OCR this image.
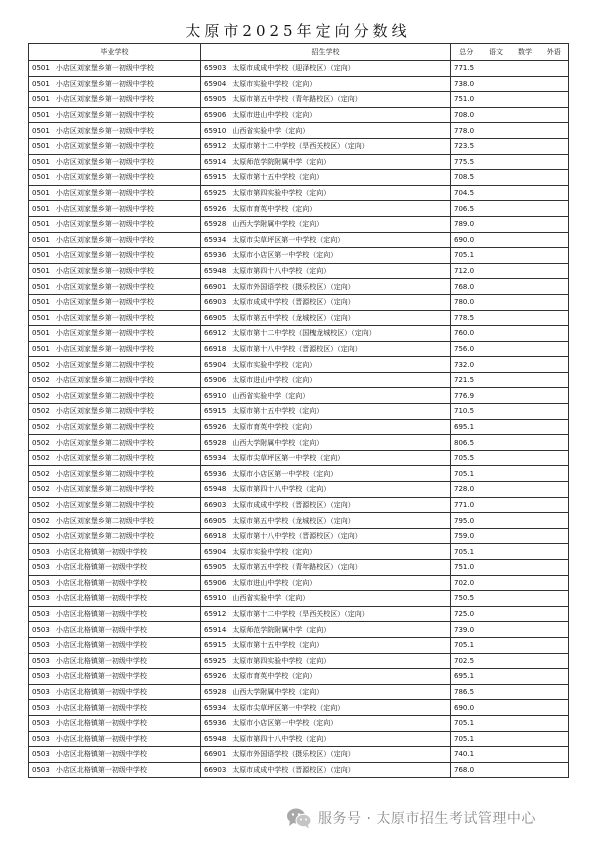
太原市2025年定向分数线
毕业学校	招生学校	总分	语文	数学	外语
0501 小店区刘家堡乡第一初级中学校	65903 太原市成成中学校（迎泽校区）（定向）	771.5			
0501 小店区刘家堡乡第一初级中学校	65904 太原市实验中学校（定向）	738.0			
0501 小店区刘家堡乡第一初级中学校	65905 太原市第五中学校（青年路校区）（定向）	751.0			
0501 小店区刘家堡乡第一初级中学校	65906 太原市进山中学校（定向）	708.0			
0501 小店区刘家堡乡第一初级中学校	65910 山西省实验中学（定向）	778.0			
0501 小店区刘家堡乡第一初级中学校	65912 太原市第十二中学校（旱西关校区）（定向）	723.5			
0501 小店区刘家堡乡第一初级中学校	65914 太原师范学院附属中学（定向）	775.5			
0501 小店区刘家堡乡第一初级中学校	65915 太原市第十五中学校（定向）	708.5			
0501 小店区刘家堡乡第一初级中学校	65925 太原市第四实验中学校（定向）	704.5			
0501 小店区刘家堡乡第一初级中学校	65926 太原市育英中学校（定向）	706.5			
0501 小店区刘家堡乡第一初级中学校	65928 山西大学附属中学校（定向）	789.0			
0501 小店区刘家堡乡第一初级中学校	65934 太原市尖草坪区第一中学校（定向）	690.0			
0501 小店区刘家堡乡第一初级中学校	65936 太原市小店区第一中学校（定向）	705.1			
0501 小店区刘家堡乡第一初级中学校	65948 太原市第四十八中学校（定向）	712.0			
0501 小店区刘家堡乡第一初级中学校	66901 太原市外国语学校（摄乐校区）（定向）	768.0			
0501 小店区刘家堡乡第一初级中学校	66903 太原市成成中学校（晋源校区）（定向）	780.0			
0501 小店区刘家堡乡第一初级中学校	66905 太原市第五中学校（龙城校区）（定向）	778.5			
0501 小店区刘家堡乡第一初级中学校	66912 太原市第十二中学校（国槐龙城校区）（定向）	760.0			
0501 小店区刘家堡乡第一初级中学校	66918 太原市第十八中学校（晋源校区）（定向）	756.0			
0502 小店区刘家堡乡第二初级中学校	65904 太原市实验中学校（定向）	732.0			
0502 小店区刘家堡乡第二初级中学校	65906 太原市进山中学校（定向）	721.5			
0502 小店区刘家堡乡第二初级中学校	65910 山西省实验中学（定向）	776.9			
0502 小店区刘家堡乡第二初级中学校	65915 太原市第十五中学校（定向）	710.5			
0502 小店区刘家堡乡第二初级中学校	65926 太原市育英中学校（定向）	695.1			
0502 小店区刘家堡乡第二初级中学校	65928 山西大学附属中学校（定向）	806.5			
0502 小店区刘家堡乡第二初级中学校	65934 太原市尖草坪区第一中学校（定向）	705.5			
0502 小店区刘家堡乡第二初级中学校	65936 太原市小店区第一中学校（定向）	705.1			
0502 小店区刘家堡乡第二初级中学校	65948 太原市第四十八中学校（定向）	728.0			
0502 小店区刘家堡乡第二初级中学校	66903 太原市成成中学校（晋源校区）（定向）	771.0			
0502 小店区刘家堡乡第二初级中学校	66905 太原市第五中学校（龙城校区）（定向）	795.0			
0502 小店区刘家堡乡第二初级中学校	66918 太原市第十八中学校（晋源校区）（定向）	759.0			
0503 小店区北格镇第一初级中学校	65904 太原市实验中学校（定向）	705.1			
0503 小店区北格镇第一初级中学校	65905 太原市第五中学校（青年路校区）（定向）	751.0			
0503 小店区北格镇第一初级中学校	65906 太原市进山中学校（定向）	702.0			
0503 小店区北格镇第一初级中学校	65910 山西省实验中学（定向）	750.5			
0503 小店区北格镇第一初级中学校	65912 太原市第十二中学校（旱西关校区）（定向）	725.0			
0503 小店区北格镇第一初级中学校	65914 太原师范学院附属中学（定向）	739.0			
0503 小店区北格镇第一初级中学校	65915 太原市第十五中学校（定向）	705.1			
0503 小店区北格镇第一初级中学校	65925 太原市第四实验中学校（定向）	702.5			
0503 小店区北格镇第一初级中学校	65926 太原市育英中学校（定向）	695.1			
0503 小店区北格镇第一初级中学校	65928 山西大学附属中学校（定向）	786.5			
0503 小店区北格镇第一初级中学校	65934 太原市尖草坪区第一中学校（定向）	690.0			
0503 小店区北格镇第一初级中学校	65936 太原市小店区第一中学校（定向）	705.1			
0503 小店区北格镇第一初级中学校	65948 太原市第四十八中学校（定向）	705.1			
0503 小店区北格镇第一初级中学校	66901 太原市外国语学校（摄乐校区）（定向）	740.1			
0503 小店区北格镇第一初级中学校	66903 太原市成成中学校（晋源校区）（定向）	768.0			
服务号 · 太原市招生考试管理中心
